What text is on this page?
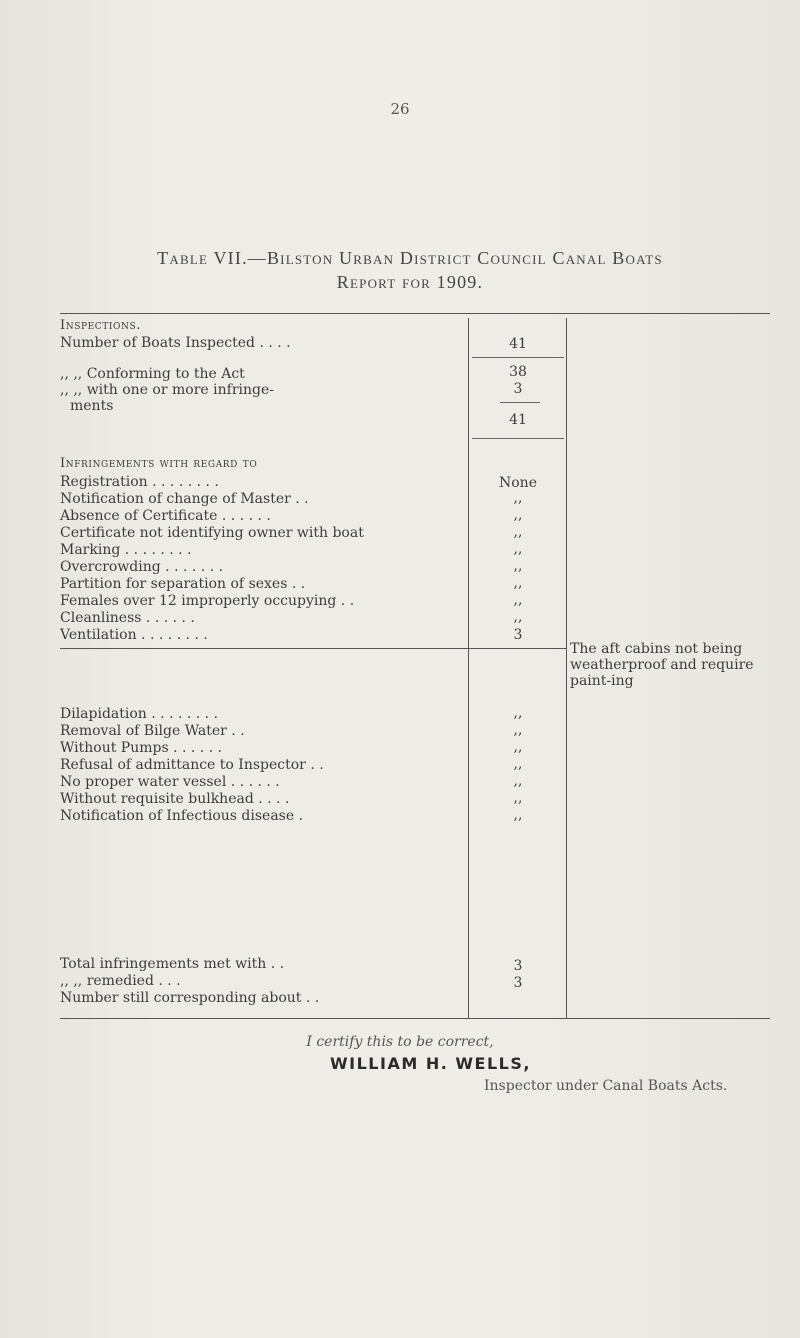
26
Table VII.—Bilston Urban District Council Canal Boats
Report for 1909.
Inspections.
Number of Boats Inspected . . . .	41
,, ,, Conforming to the Act	38
,, ,, with one or more infringe-	3
ments
41
Infringements with regard to
Registration . . . . . . . .	None
Notification of change of Master . .	,,
Absence of Certificate . . . . . .	,,
Certificate not identifying owner with boat	,,
Marking . . . . . . . .	,,
Overcrowding . . . . . . .	,,
Partition for separation of sexes . .	,,
Females over 12 improperly occupying . .	,,
Cleanliness . . . . . .	,,
Ventilation . . . . . . . .	3
The aft cabins not being weatherproof and require paint-ing
Dilapidation . . . . . . . .	,,
Removal of Bilge Water . .	,,
Without Pumps . . . . . .	,,
Refusal of admittance to Inspector . .	,,
No proper water vessel . . . . . .	,,
Without requisite bulkhead . . . .	,,
Notification of Infectious disease .	,,
Total infringements met with . .	3
,, ,, remedied . . .	3
Number still corresponding about . .
I certify this to be correct,
WILLIAM H. WELLS,
Inspector under Canal Boats Acts.
